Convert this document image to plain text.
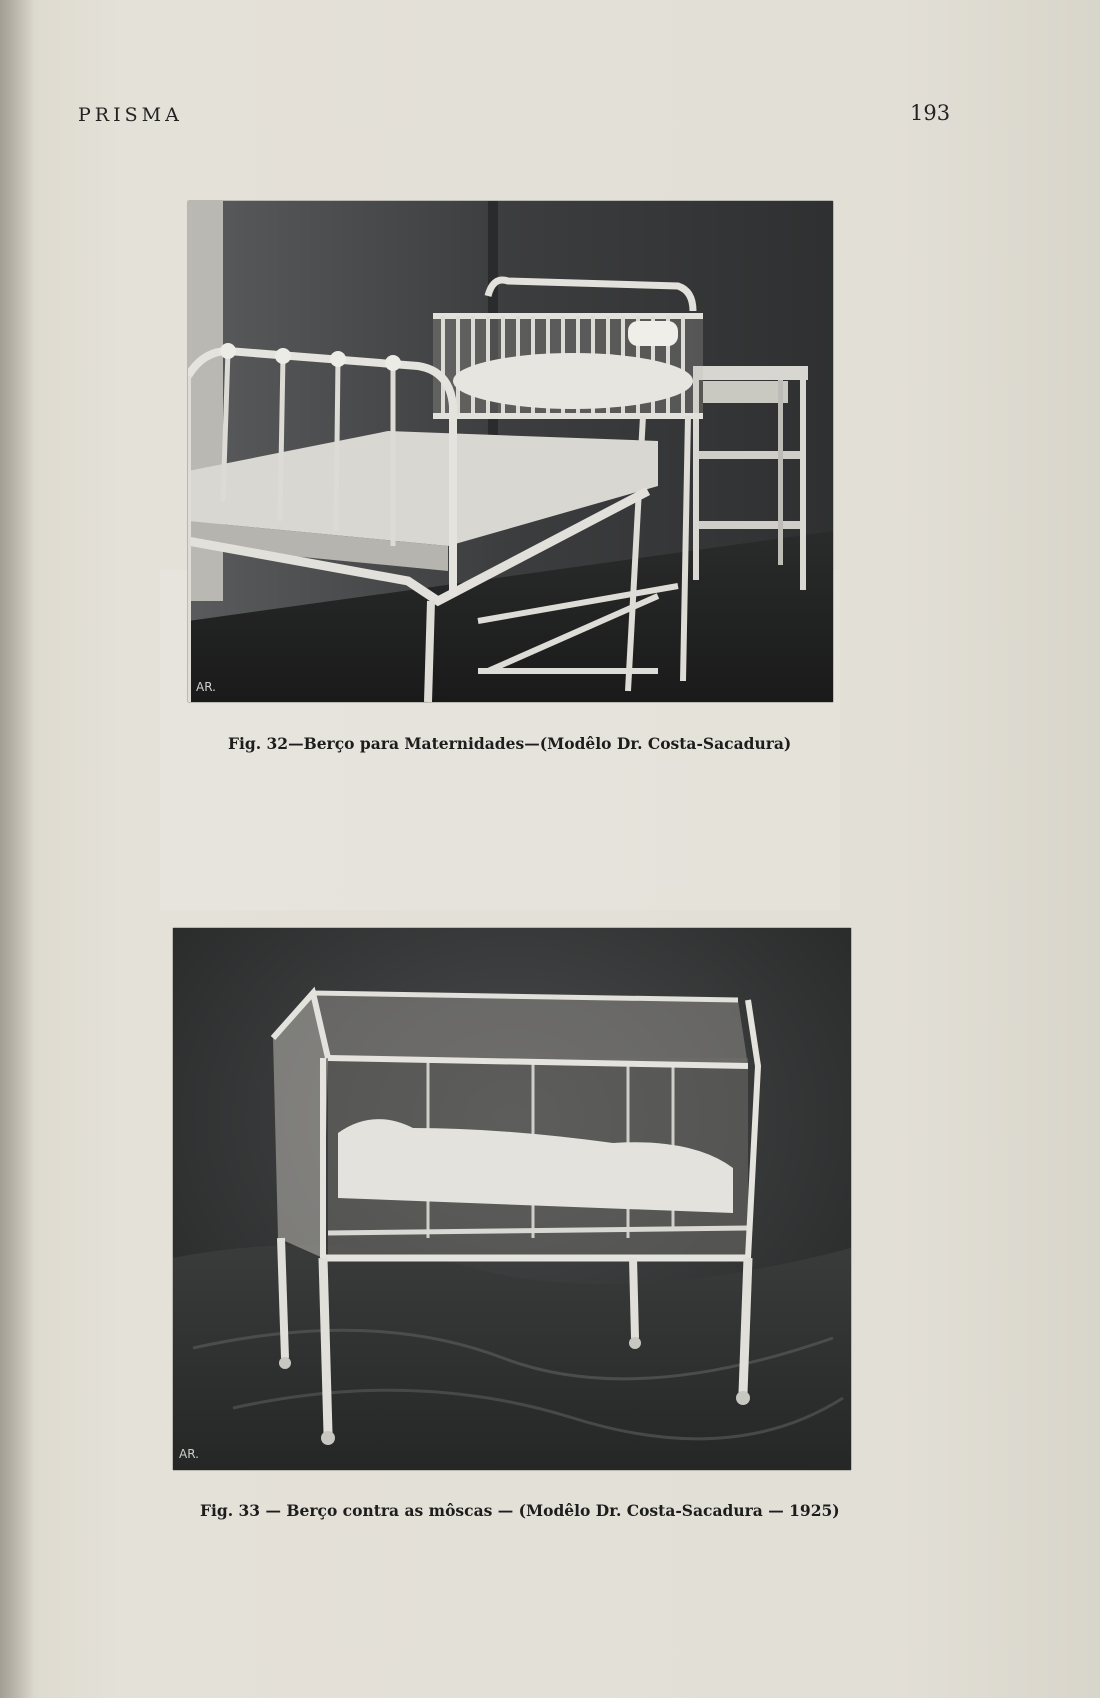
PRISMA	193
AR.
Fig. 32—Berço para Maternidades—(Modêlo Dr. Costa-Sacadura)
AR.
Fig. 33 — Berço contra as môscas — (Modêlo Dr. Costa-Sacadura — 1925)
